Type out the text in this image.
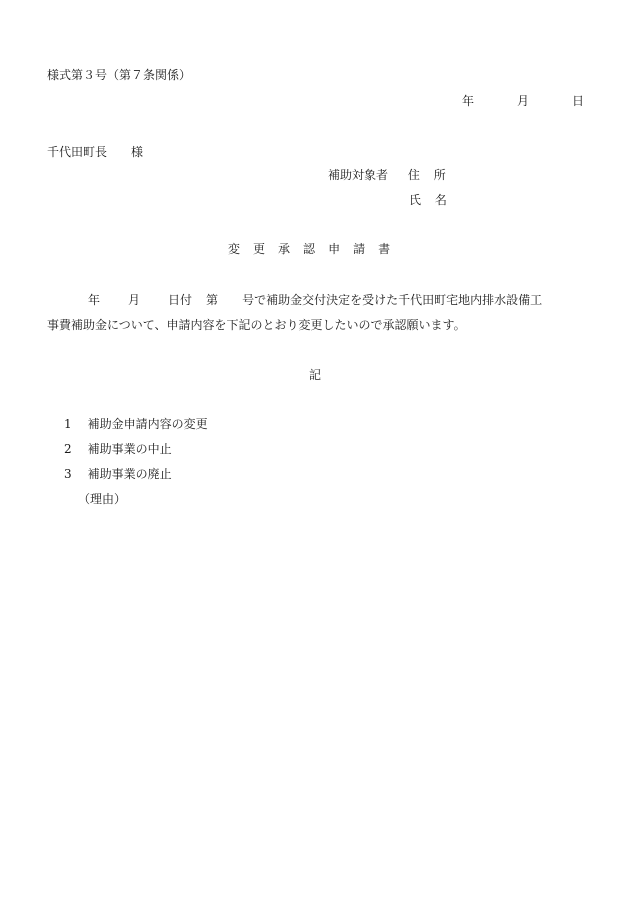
様式第３号（第７条関係）
年	月	日
千代田町長 様
補助対象者 住 所
氏 名
変 更 承 認 申 請 書
年 月 日付 第 号で補助金交付決定を受けた千代田町宅地内排水設備工
事費補助金について、申請内容を下記のとおり変更したいので承認願います。
記
1 補助金申請内容の変更
2 補助事業の中止
3 補助事業の廃止
（理由）
